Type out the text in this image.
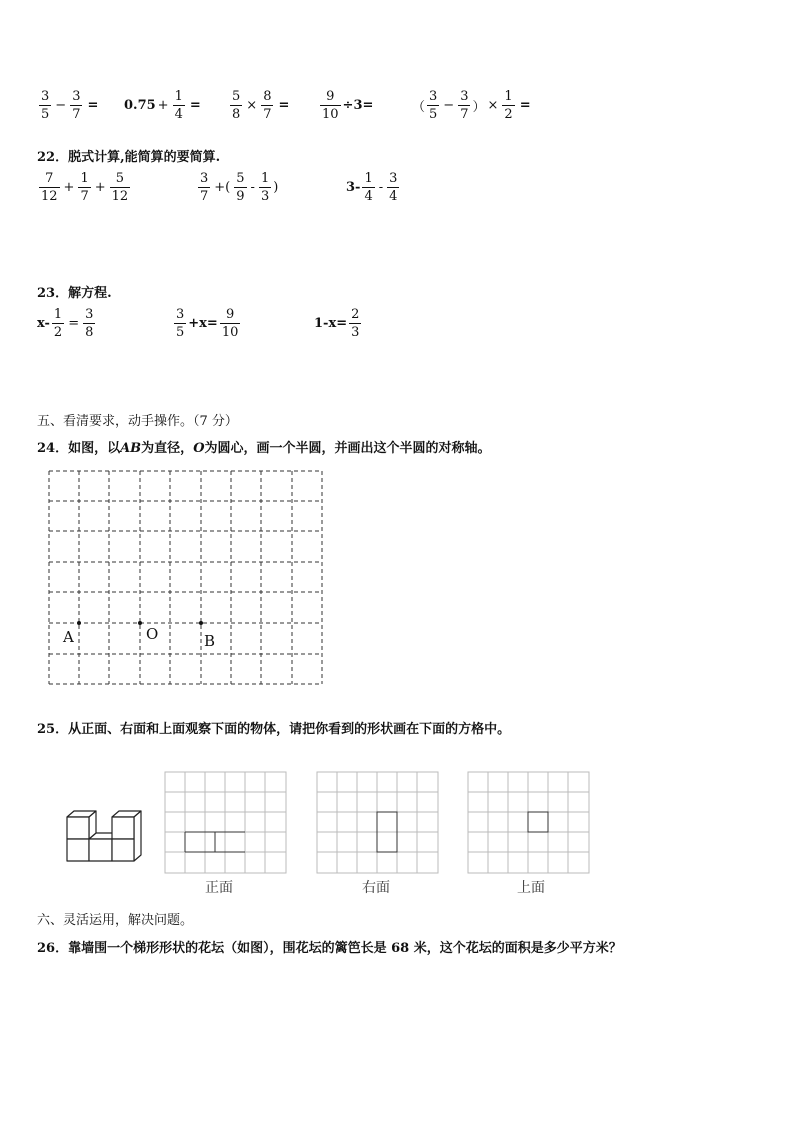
$\frac{3}{5} - \frac{3}{7} = 0.75 + \frac{1}{4} = \frac{5}{8} \times \frac{8}{7} = \frac{9}{10} \div 3=$	（ $\frac{3}{5} - \frac{3}{7}$ ） × $\frac{1}{2}$ =
22．脱式计算,能简算的要简算.
$\frac{7}{12} + \frac{1}{7} + \frac{5}{12}$	$\frac{3}{7}$ +( $\frac{5}{9} - \frac{1}{3}$ )	$3- \frac{1}{4} - \frac{3}{4}$
23．解方程.
$x- \frac{1}{2} = \frac{3}{8}$	$\frac{3}{5} +x= \frac{9}{10}$	$1-x= \frac{2}{3}$
五、看清要求，动手操作。（7 分）
24．如图，以AB为直径，O为圆心，画一个半圆，并画出这个半圆的对称轴。
A	O	B
25．从正面、右面和上面观察下面的物体，请把你看到的形状画在下面的方格中。
正面	右面	上面
六、灵活运用，解决问题。
26．靠墙围一个梯形形状的花坛（如图），围花坛的篱笆长是 68 米，这个花坛的面积是多少平方米？
